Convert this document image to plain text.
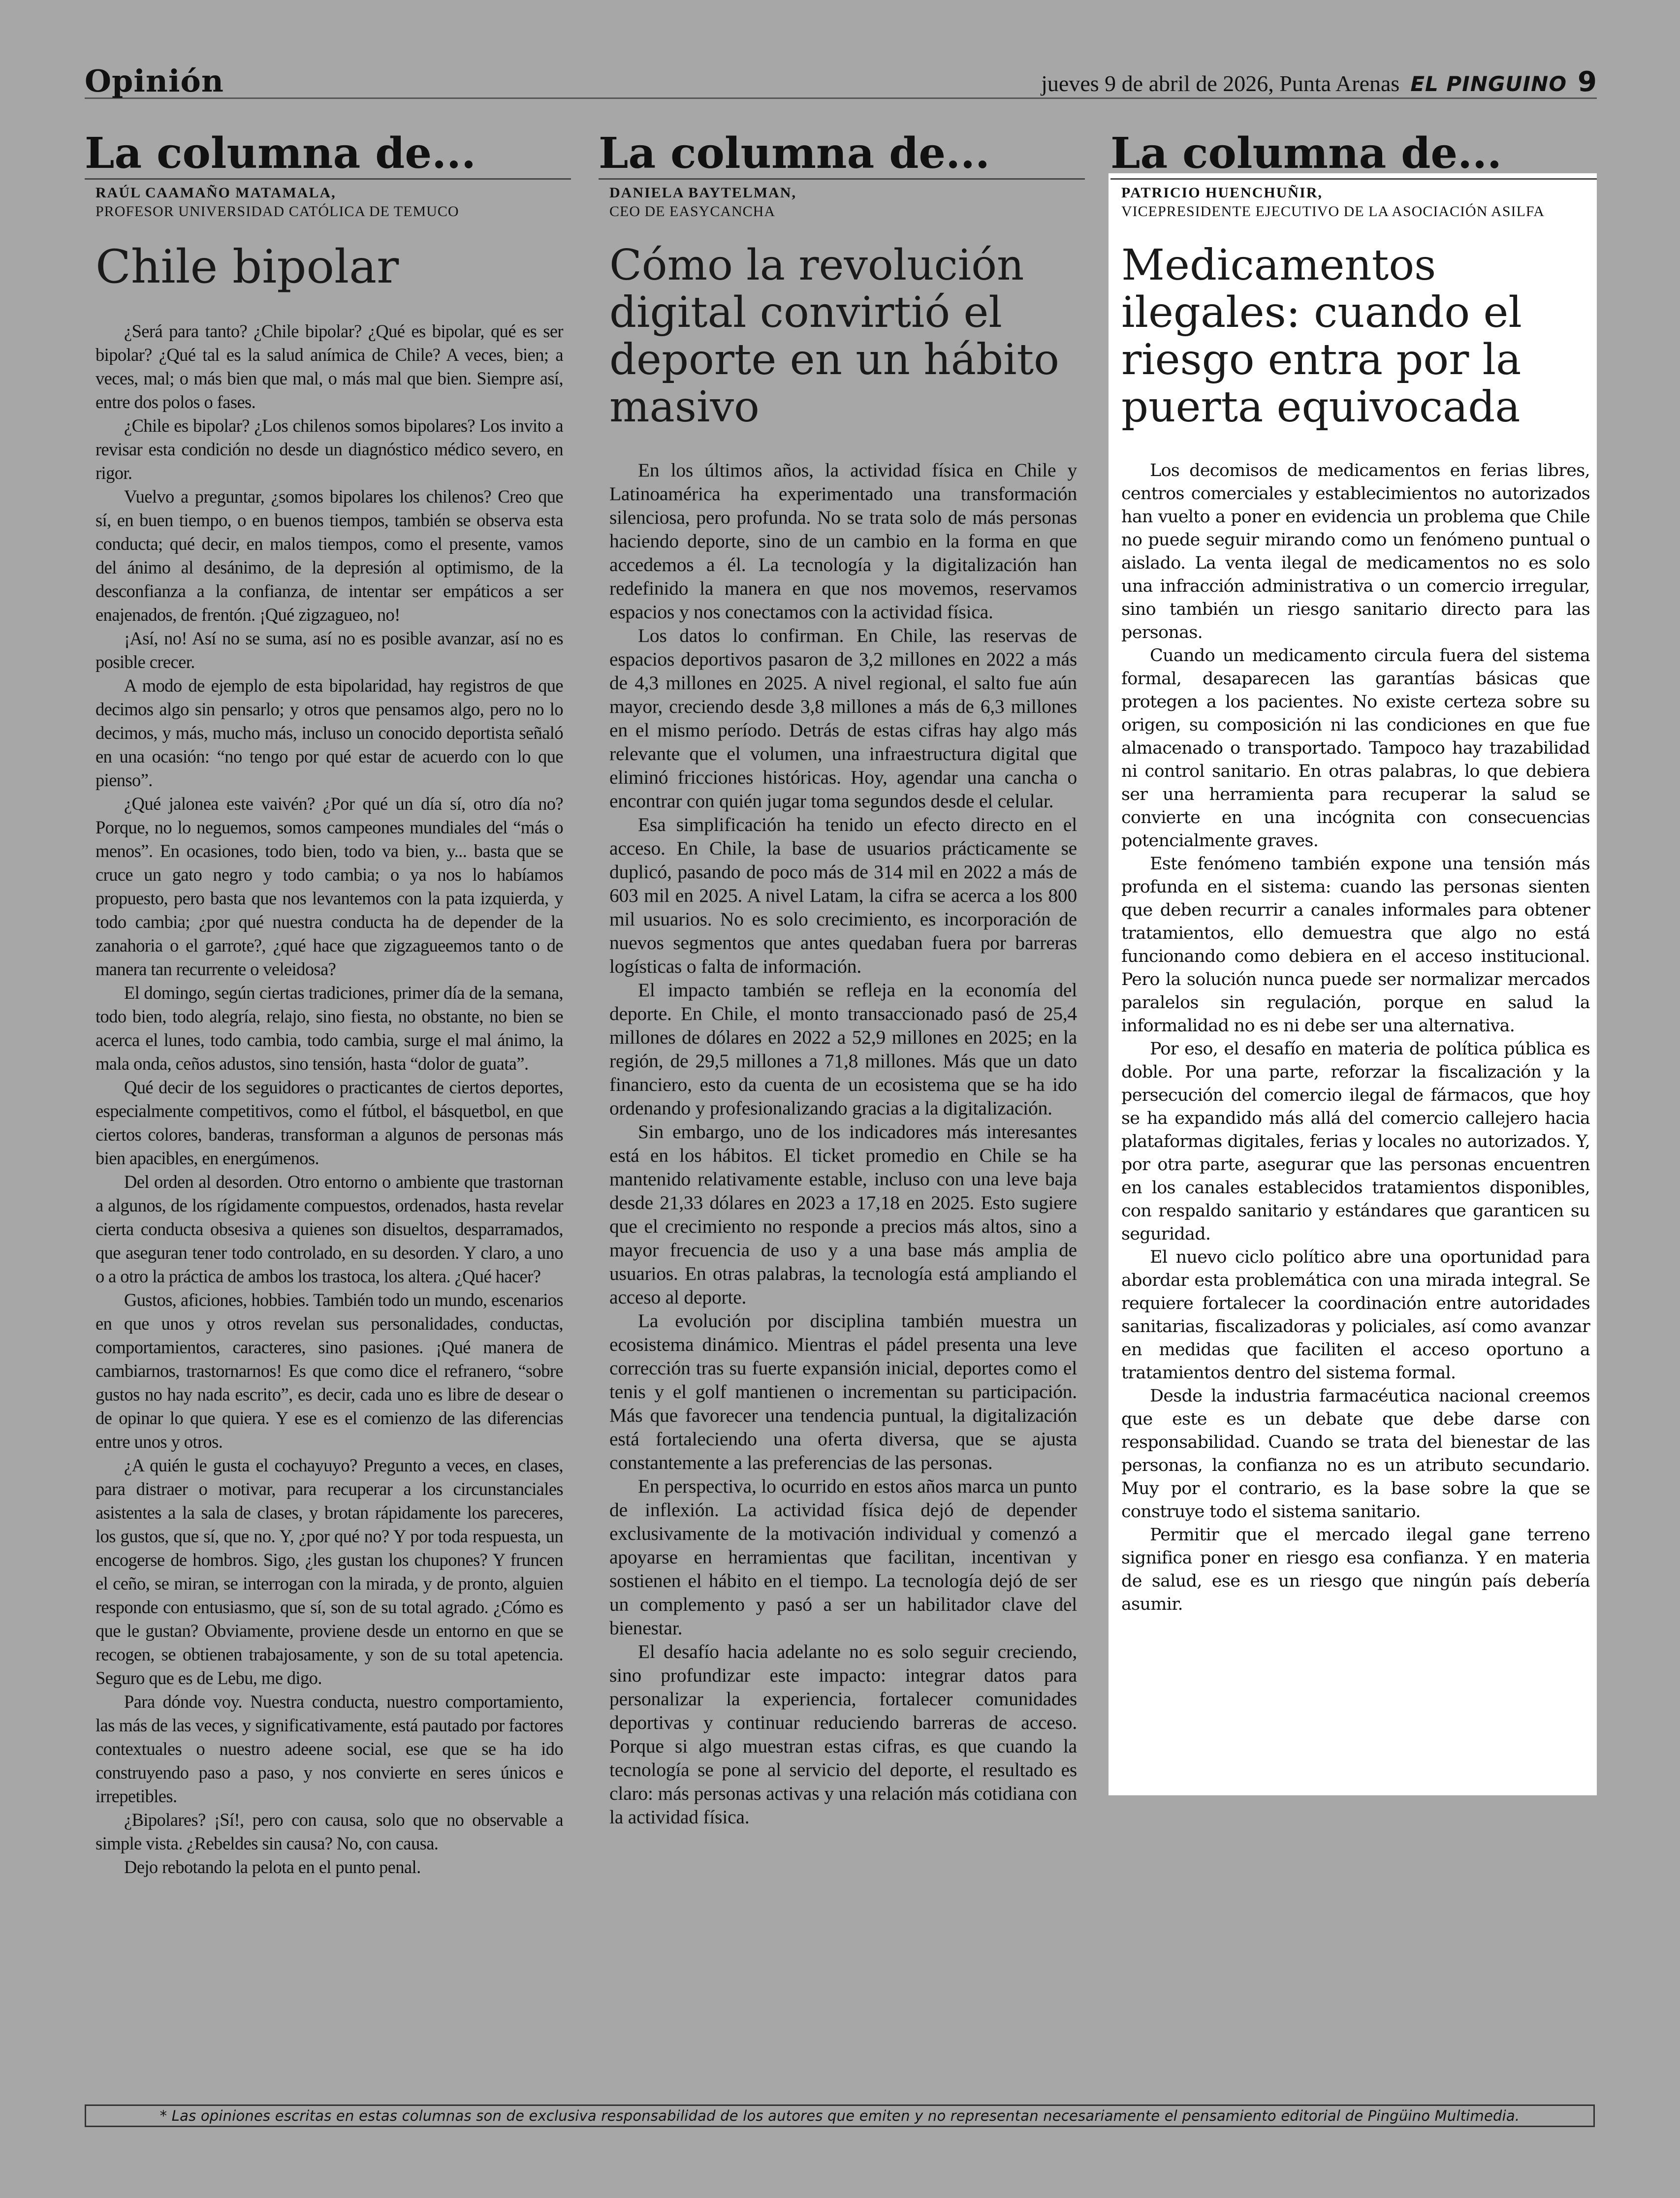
Opinión	jueves 9 de abril de 2026, Punta Arenas EL PINGUINO 9
La columna de...
RAÚL CAAMAÑO MATAMALA,
PROFESOR UNIVERSIDAD CATÓLICA DE TEMUCO
Chile bipolar

¿Será para tanto? ¿Chile bipolar? ¿Qué es bipolar, qué es ser bipolar? ¿Qué tal es la salud anímica de Chile? A veces, bien; a veces, mal; o más bien que mal, o más mal que bien. Siempre así, entre dos polos o fases.

¿Chile es bipolar? ¿Los chilenos somos bipolares? Los invito a revisar esta condición no desde un diagnóstico médico severo, en rigor.

Vuelvo a preguntar, ¿somos bipolares los chilenos? Creo que sí, en buen tiempo, o en buenos tiempos, también se observa esta conducta; qué decir, en malos tiempos, como el presente, vamos del ánimo al desánimo, de la depresión al optimismo, de la desconfianza a la confianza, de intentar ser empáticos a ser enajenados, de frentón. ¡Qué zigzagueo, no!

¡Así, no! Así no se suma, así no es posible avanzar, así no es posible crecer.

A modo de ejemplo de esta bipolaridad, hay registros de que decimos algo sin pensarlo; y otros que pensamos algo, pero no lo decimos, y más, mucho más, incluso un conocido deportista señaló en una ocasión: “no tengo por qué estar de acuerdo con lo que pienso”.

¿Qué jalonea este vaivén? ¿Por qué un día sí, otro día no? Porque, no lo neguemos, somos campeones mundiales del “más o menos”. En ocasiones, todo bien, todo va bien, y... basta que se cruce un gato negro y todo cambia; o ya nos lo habíamos propuesto, pero basta que nos levantemos con la pata izquierda, y todo cambia; ¿por qué nuestra conducta ha de depender de la zanahoria o el garrote?, ¿qué hace que zigzagueemos tanto o de manera tan recurrente o veleidosa?

El domingo, según ciertas tradiciones, primer día de la semana, todo bien, todo alegría, relajo, sino fiesta, no obstante, no bien se acerca el lunes, todo cambia, todo cambia, surge el mal ánimo, la mala onda, ceños adustos, sino tensión, hasta “dolor de guata”.

Qué decir de los seguidores o practicantes de ciertos deportes, especialmente competitivos, como el fútbol, el básquetbol, en que ciertos colores, banderas, transforman a algunos de personas más bien apacibles, en energúmenos.

Del orden al desorden. Otro entorno o ambiente que trastornan a algunos, de los rígidamente compuestos, ordenados, hasta revelar cierta conducta obsesiva a quienes son disueltos, desparramados, que aseguran tener todo controlado, en su desorden. Y claro, a uno o a otro la práctica de ambos los trastoca, los altera. ¿Qué hacer?

Gustos, aficiones, hobbies. También todo un mundo, escenarios en que unos y otros revelan sus personalidades, conductas, comportamientos, caracteres, sino pasiones. ¡Qué manera de cambiarnos, trastornarnos! Es que como dice el refranero, “sobre gustos no hay nada escrito”, es decir, cada uno es libre de desear o de opinar lo que quiera. Y ese es el comienzo de las diferencias entre unos y otros.

¿A quién le gusta el cochayuyo? Pregunto a veces, en clases, para distraer o motivar, para recuperar a los circunstanciales asistentes a la sala de clases, y brotan rápidamente los pareceres, los gustos, que sí, que no. Y, ¿por qué no? Y por toda respuesta, un encogerse de hombros. Sigo, ¿les gustan los chupones? Y fruncen el ceño, se miran, se interrogan con la mirada, y de pronto, alguien responde con entusiasmo, que sí, son de su total agrado. ¿Cómo es que le gustan? Obviamente, proviene desde un entorno en que se recogen, se obtienen trabajosamente, y son de su total apetencia. Seguro que es de Lebu, me digo.

Para dónde voy. Nuestra conducta, nuestro comportamiento, las más de las veces, y significativamente, está pautado por factores contextuales o nuestro adeene social, ese que se ha ido construyendo paso a paso, y nos convierte en seres únicos e irrepetibles.

¿Bipolares? ¡Sí!, pero con causa, solo que no observable a simple vista. ¿Rebeldes sin causa? No, con causa.

Dejo rebotando la pelota en el punto penal.

La columna de...
DANIELA BAYTELMAN,
CEO DE EASYCANCHA
Cómo la revolución digital convirtió el deporte en un hábito masivo

En los últimos años, la actividad física en Chile y Latinoamérica ha experimentado una transformación silenciosa, pero profunda. No se trata solo de más personas haciendo deporte, sino de un cambio en la forma en que accedemos a él. La tecnología y la digitalización han redefinido la manera en que nos movemos, reservamos espacios y nos conectamos con la actividad física.

Los datos lo confirman. En Chile, las reservas de espacios deportivos pasaron de 3,2 millones en 2022 a más de 4,3 millones en 2025. A nivel regional, el salto fue aún mayor, creciendo desde 3,8 millones a más de 6,3 millones en el mismo período. Detrás de estas cifras hay algo más relevante que el volumen, una infraestructura digital que eliminó fricciones históricas. Hoy, agendar una cancha o encontrar con quién jugar toma segundos desde el celular.

Esa simplificación ha tenido un efecto directo en el acceso. En Chile, la base de usuarios prácticamente se duplicó, pasando de poco más de 314 mil en 2022 a más de 603 mil en 2025. A nivel Latam, la cifra se acerca a los 800 mil usuarios. No es solo crecimiento, es incorporación de nuevos segmentos que antes quedaban fuera por barreras logísticas o falta de información.

El impacto también se refleja en la economía del deporte. En Chile, el monto transaccionado pasó de 25,4 millones de dólares en 2022 a 52,9 millones en 2025; en la región, de 29,5 millones a 71,8 millones. Más que un dato financiero, esto da cuenta de un ecosistema que se ha ido ordenando y profesionalizando gracias a la digitalización.

Sin embargo, uno de los indicadores más interesantes está en los hábitos. El ticket promedio en Chile se ha mantenido relativamente estable, incluso con una leve baja desde 21,33 dólares en 2023 a 17,18 en 2025. Esto sugiere que el crecimiento no responde a precios más altos, sino a mayor frecuencia de uso y a una base más amplia de usuarios. En otras palabras, la tecnología está ampliando el acceso al deporte.

La evolución por disciplina también muestra un ecosistema dinámico. Mientras el pádel presenta una leve corrección tras su fuerte expansión inicial, deportes como el tenis y el golf mantienen o incrementan su participación. Más que favorecer una tendencia puntual, la digitalización está fortaleciendo una oferta diversa, que se ajusta constantemente a las preferencias de las personas.

En perspectiva, lo ocurrido en estos años marca un punto de inflexión. La actividad física dejó de depender exclusivamente de la motivación individual y comenzó a apoyarse en herramientas que facilitan, incentivan y sostienen el hábito en el tiempo. La tecnología dejó de ser un complemento y pasó a ser un habilitador clave del bienestar.

El desafío hacia adelante no es solo seguir creciendo, sino profundizar este impacto: integrar datos para personalizar la experiencia, fortalecer comunidades deportivas y continuar reduciendo barreras de acceso. Porque si algo muestran estas cifras, es que cuando la tecnología se pone al servicio del deporte, el resultado es claro: más personas activas y una relación más cotidiana con la actividad física.

La columna de...
PATRICIO HUENCHUÑIR,
VICEPRESIDENTE EJECUTIVO DE LA ASOCIACIÓN ASILFA
Medicamentos ilegales: cuando el riesgo entra por la puerta equivocada

Los decomisos de medicamentos en ferias libres, centros comerciales y establecimientos no autorizados han vuelto a poner en evidencia un problema que Chile no puede seguir mirando como un fenómeno puntual o aislado. La venta ilegal de medicamentos no es solo una infracción administrativa o un comercio irregular, sino también un riesgo sanitario directo para las personas.

Cuando un medicamento circula fuera del sistema formal, desaparecen las garantías básicas que protegen a los pacientes. No existe certeza sobre su origen, su composición ni las condiciones en que fue almacenado o transportado. Tampoco hay trazabilidad ni control sanitario. En otras palabras, lo que debiera ser una herramienta para recuperar la salud se convierte en una incógnita con consecuencias potencialmente graves.

Este fenómeno también expone una tensión más profunda en el sistema: cuando las personas sienten que deben recurrir a canales informales para obtener tratamientos, ello demuestra que algo no está funcionando como debiera en el acceso institucional. Pero la solución nunca puede ser normalizar mercados paralelos sin regulación, porque en salud la informalidad no es ni debe ser una alternativa.

Por eso, el desafío en materia de política pública es doble. Por una parte, reforzar la fiscalización y la persecución del comercio ilegal de fármacos, que hoy se ha expandido más allá del comercio callejero hacia plataformas digitales, ferias y locales no autorizados. Y, por otra parte, asegurar que las personas encuentren en los canales establecidos tratamientos disponibles, con respaldo sanitario y estándares que garanticen su seguridad.

El nuevo ciclo político abre una oportunidad para abordar esta problemática con una mirada integral. Se requiere fortalecer la coordinación entre autoridades sanitarias, fiscalizadoras y policiales, así como avanzar en medidas que faciliten el acceso oportuno a tratamientos dentro del sistema formal.

Desde la industria farmacéutica nacional creemos que este es un debate que debe darse con responsabilidad. Cuando se trata del bienestar de las personas, la confianza no es un atributo secundario. Muy por el contrario, es la base sobre la que se construye todo el sistema sanitario.

Permitir que el mercado ilegal gane terreno significa poner en riesgo esa confianza. Y en materia de salud, ese es un riesgo que ningún país debería asumir.

* Las opiniones escritas en estas columnas son de exclusiva responsabilidad de los autores que emiten y no representan necesariamente el pensamiento editorial de Pingüino Multimedia.
